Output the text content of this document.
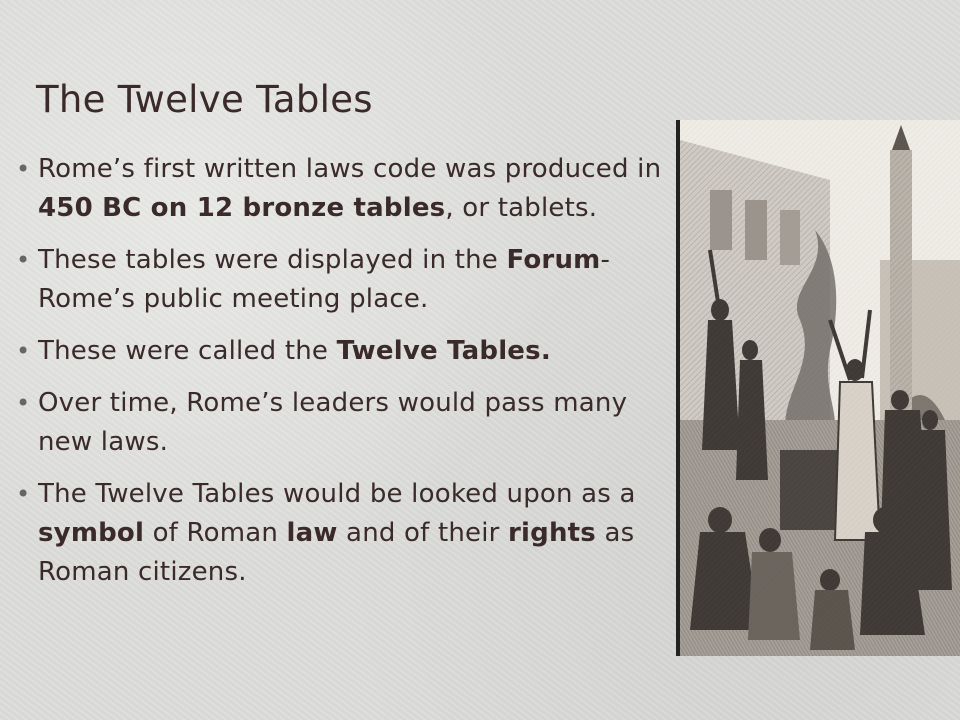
The Twelve Tables
• Rome’s first written laws code was produced in 450 BC on 12 bronze tables, or tablets.
• These tables were displayed in the Forum- Rome’s public meeting place.
• These were called the Twelve Tables.
• Over time, Rome’s leaders would pass many new laws.
• The Twelve Tables would be looked upon as a symbol of Roman law and of their rights as Roman citizens.
